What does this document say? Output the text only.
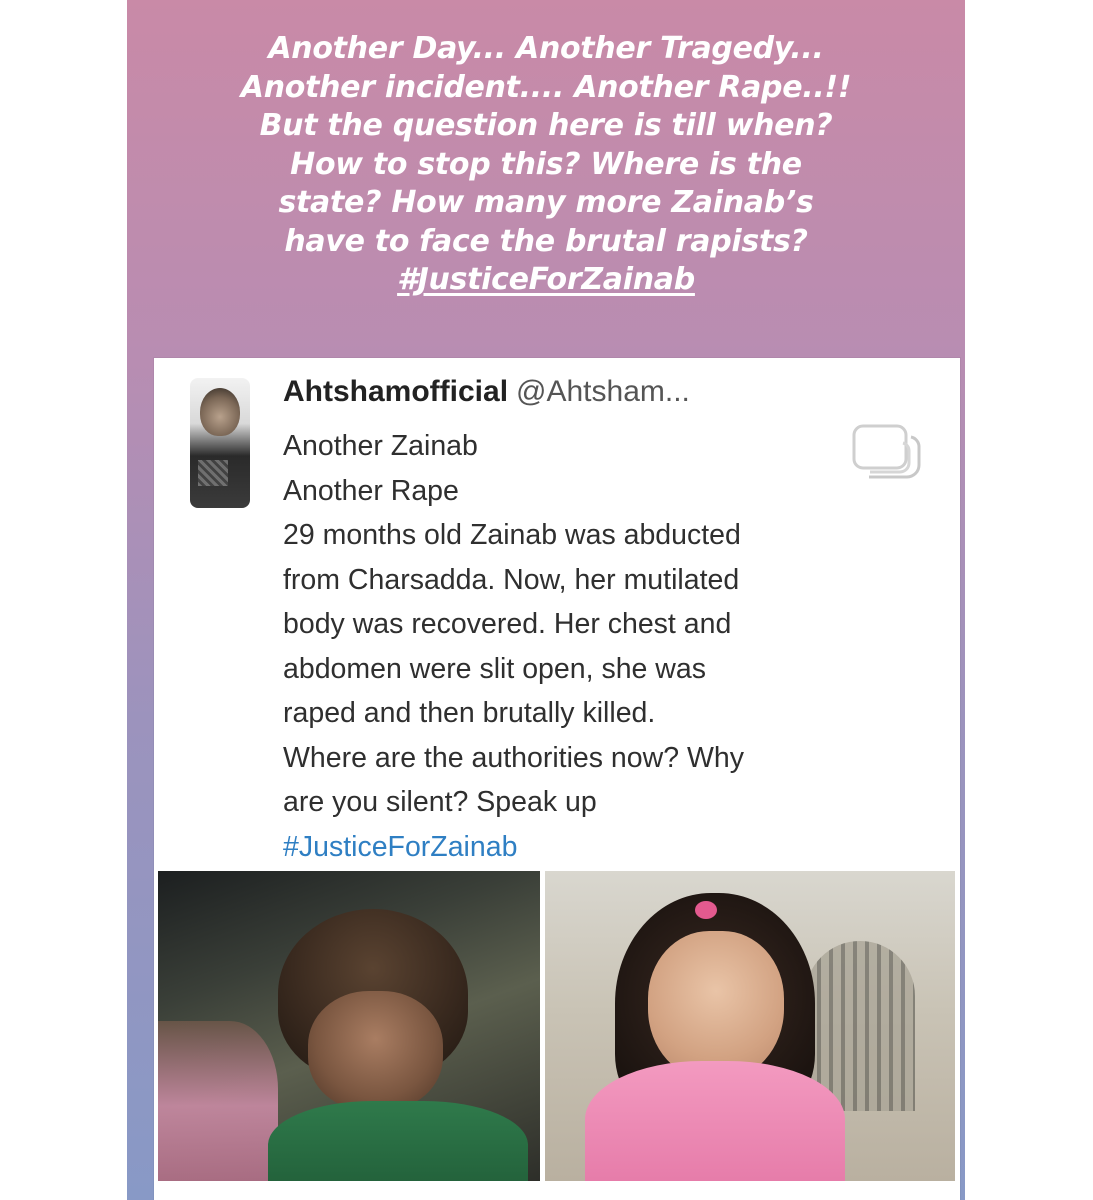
Another Day... Another Tragedy...
Another incident.... Another Rape..!!
But the question here is till when?
How to stop this? Where is the
state? How many more Zainab’s
have to face the brutal rapists?
#JusticeForZainab
Ahtshamofficial @Ahtsham...
Another Zainab
Another Rape
29 months old Zainab was abducted
from Charsadda. Now, her mutilated
body was recovered. Her chest and
abdomen were slit open, she was
raped and then brutally killed.
Where are the authorities now? Why
are you silent? Speak up
#JusticeForZainab
